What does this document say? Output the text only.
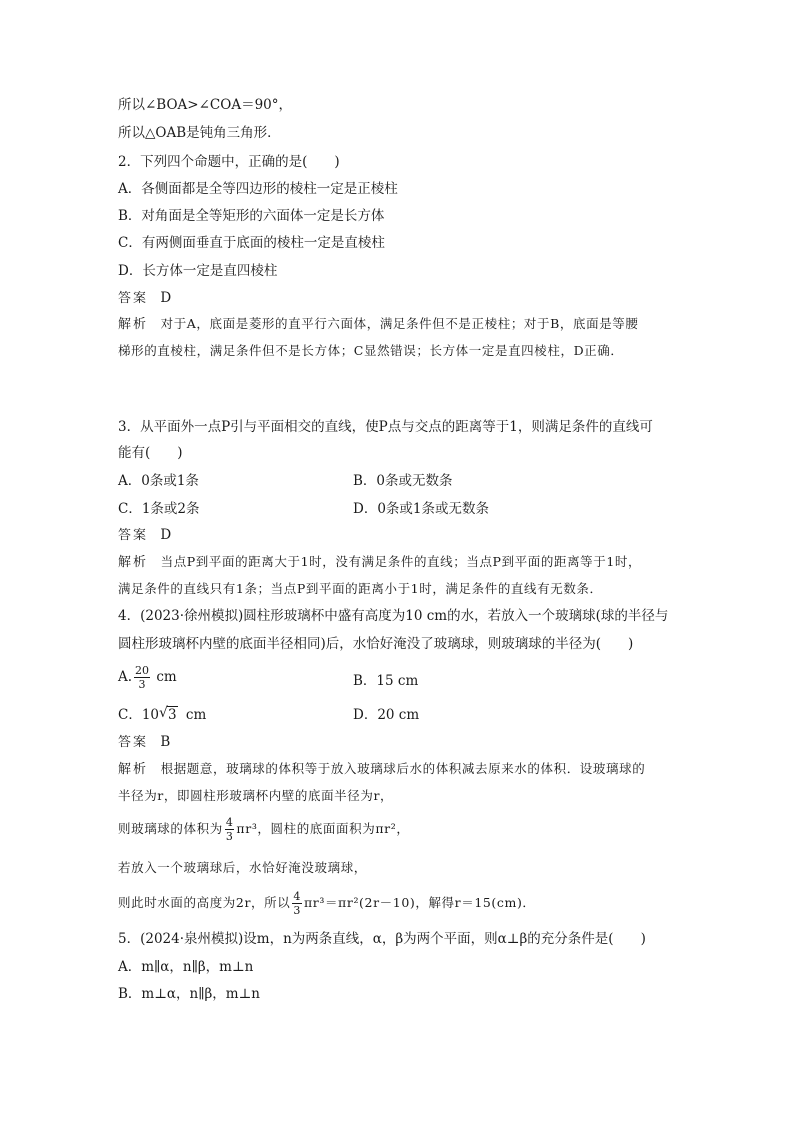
所以∠BOA>∠COA＝90°，
所以△OAB是钝角三角形．
2．下列四个命题中，正确的是(　　)
A．各侧面都是全等四边形的棱柱一定是正棱柱
B．对角面是全等矩形的六面体一定是长方体
C．有两侧面垂直于底面的棱柱一定是直棱柱
D．长方体一定是直四棱柱
答案 D
解析 对于A，底面是菱形的直平行六面体，满足条件但不是正棱柱；对于B，底面是等腰
梯形的直棱柱，满足条件但不是长方体；C显然错误；长方体一定是直四棱柱，D正确．
3．从平面外一点P引与平面相交的直线，使P点与交点的距离等于1，则满足条件的直线可
能有(　　)
A．0条或1条	B．0条或无数条
C．1条或2条	D．0条或1条或无数条
答案 D
解析 当点P到平面的距离大于1时，没有满足条件的直线；当点P到平面的距离等于1时，
满足条件的直线只有1条；当点P到平面的距离小于1时，满足条件的直线有无数条．
4．(2023·徐州模拟)圆柱形玻璃杯中盛有高度为10 cm的水，若放入一个玻璃球(球的半径与
圆柱形玻璃杯内壁的底面半径相同)后，水恰好淹没了玻璃球，则玻璃球的半径为(　　)
A. $\frac{20}{3}$ cm	B．15 cm
C．10 √ 3 cm	D．20 cm
答案 B
解析 根据题意，玻璃球的体积等于放入玻璃球后水的体积减去原来水的体积．设玻璃球的
半径为r，即圆柱形玻璃杯内壁的底面半径为r，
则玻璃球的体积为 $\frac{4}{3} \pi r^3$，圆柱的底面面积为πr²，
若放入一个玻璃球后，水恰好淹没玻璃球，
则此时水面的高度为2r，所以 $\frac{4}{3} \pi r^3=\pi r^2(2r-10)$，解得r＝15(cm)．
5．(2024·泉州模拟)设m，n为两条直线，α，β为两个平面，则α⊥β的充分条件是(　　)
A．m∥α，n∥β，m⊥n
B．m⊥α，n∥β，m⊥n
